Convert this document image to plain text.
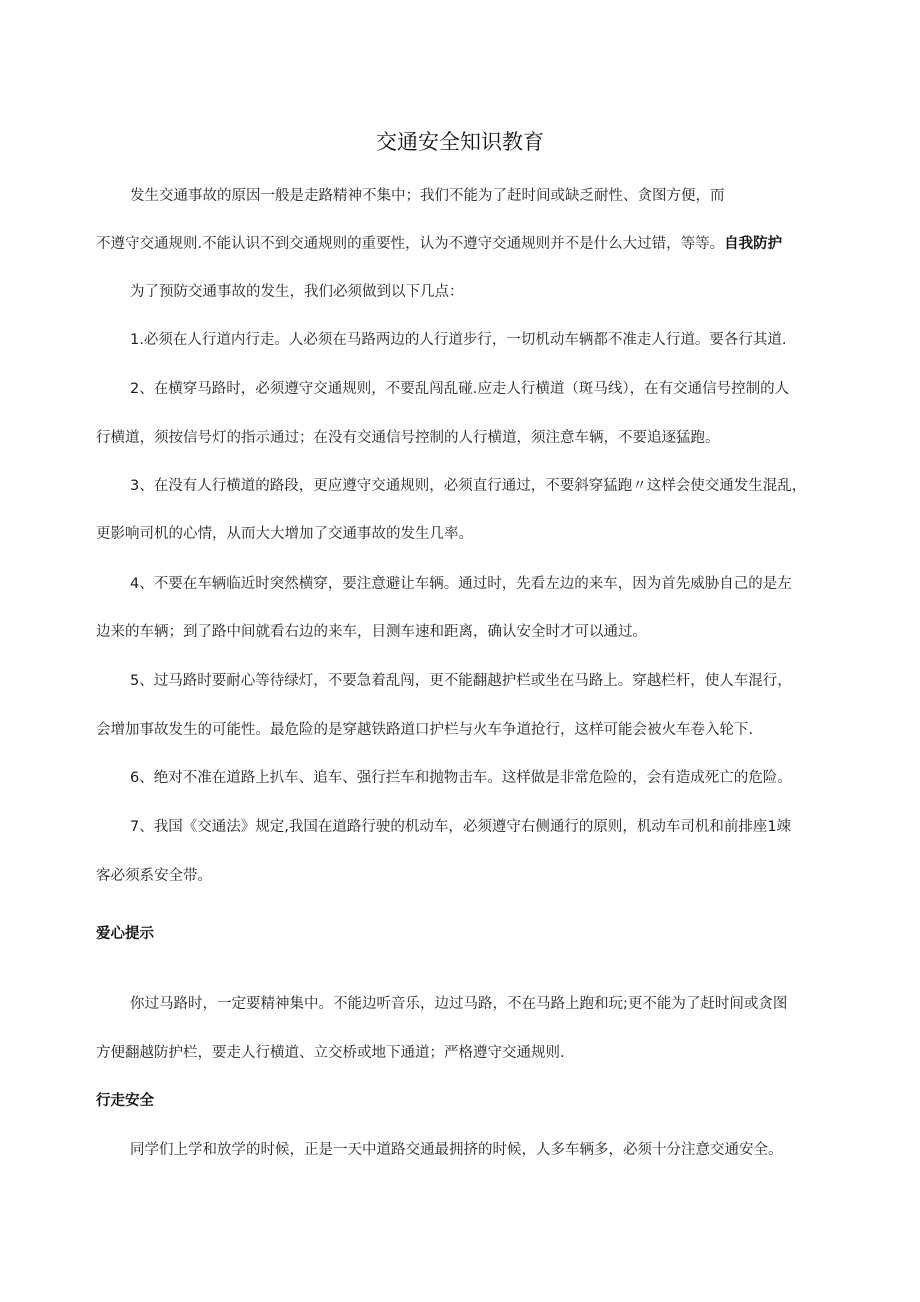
交通安全知识教育
发生交通事故的原因一般是走路精神不集中；我们不能为了赶时间或缺乏耐性、贪图方便，而
不遵守交通规则.不能认识不到交通规则的重要性，认为不遵守交通规则并不是什么大过错，等等。自我防护
为了预防交通事故的发生，我们必须做到以下几点：
1.必须在人行道内行走。人必须在马路两边的人行道步行，一切机动车辆都不准走人行道。要各行其道.
2、在横穿马路时，必须遵守交通规则，不要乱闯乱碰.应走人行横道（斑马线），在有交通信号控制的人
行横道，须按信号灯的指示通过；在没有交通信号控制的人行横道，须注意车辆，不要追逐猛跑。
3、在没有人行横道的路段，更应遵守交通规则，必须直行通过，不要斜穿猛跑〃这样会使交通发生混乱，
更影响司机的心情，从而大大增加了交通事故的发生几率。
4、不要在车辆临近时突然横穿，要注意避让车辆。通过时，先看左边的来车，因为首先威胁自己的是左
边来的车辆；到了路中间就看右边的来车，目测车速和距离，确认安全时才可以通过。
5、过马路时要耐心等待绿灯，不要急着乱闯，更不能翻越护栏或坐在马路上。穿越栏杆，使人车混行，
会增加事故发生的可能性。最危险的是穿越铁路道口护栏与火车争道抢行，这样可能会被火车卷入轮下.
6、绝对不准在道路上扒车、追车、强行拦车和抛物击车。这样做是非常危险的，会有造成死亡的危险。
7、我国《交通法》规定,我国在道路行驶的机动车，必须遵守右侧通行的原则，机动车司机和前排座1竦
客必须系安全带。
爱心提示
你过马路时，一定要精神集中。不能边听音乐，边过马路，不在马路上跑和玩;更不能为了赶时间或贪图
方便翻越防护栏，要走人行横道、立交桥或地下通道；严格遵守交通规则.
行走安全
同学们上学和放学的时候，正是一天中道路交通最拥挤的时候，人多车辆多，必须十分注意交通安全。
